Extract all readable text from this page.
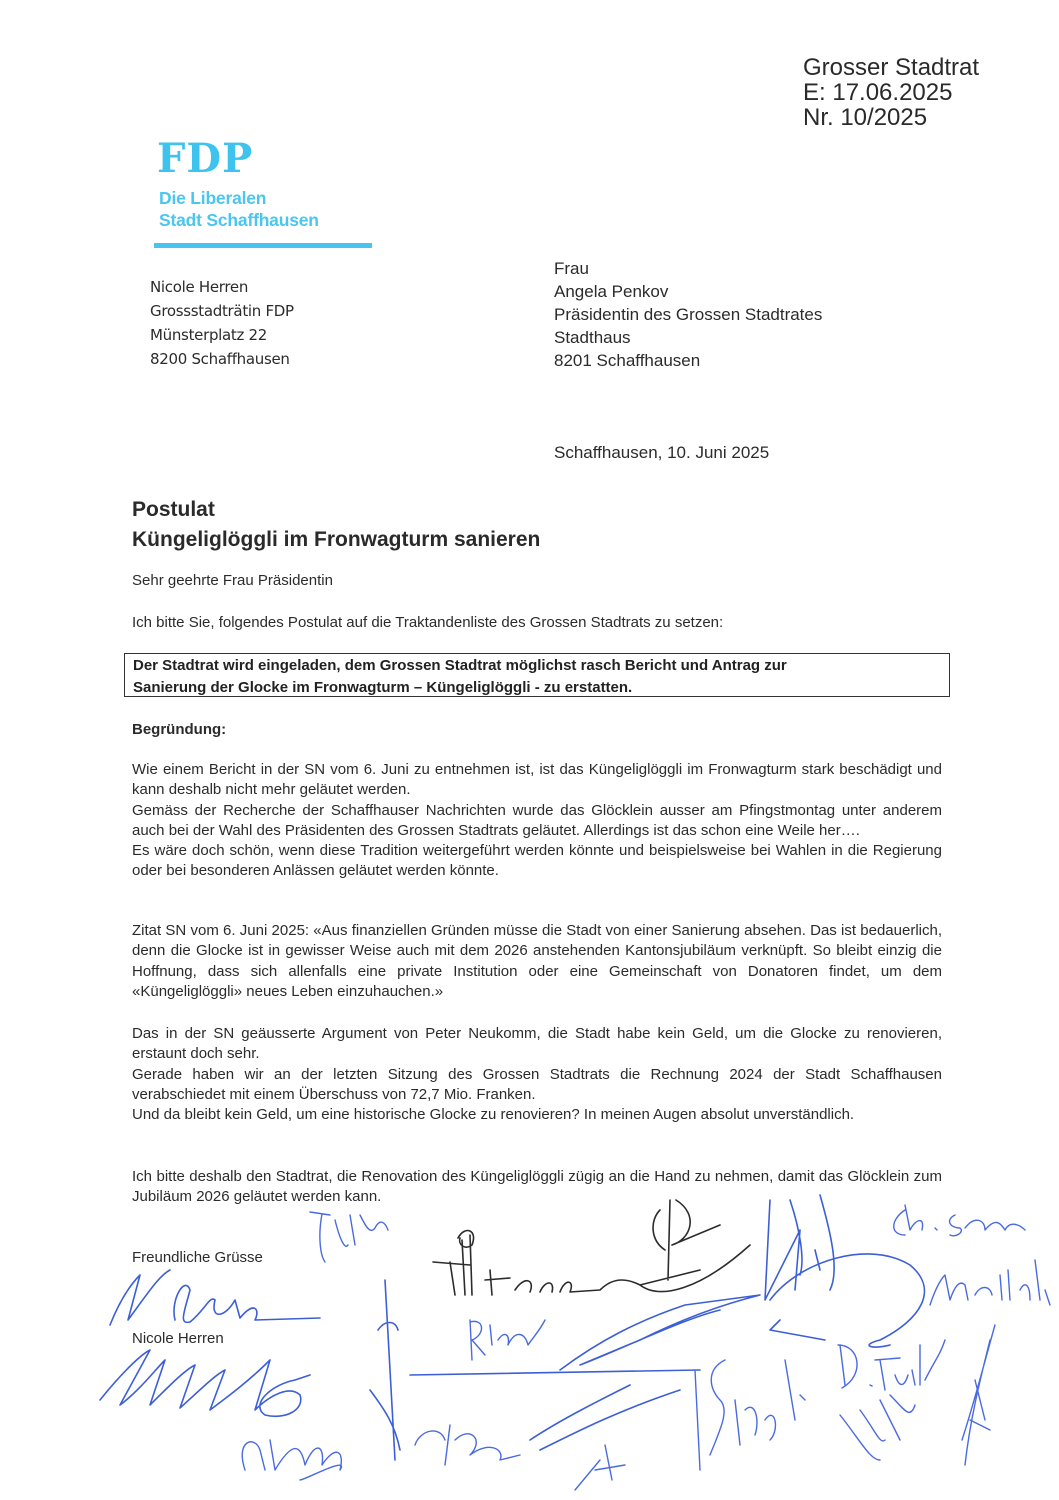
Grosser Stadtrat
E: 17.06.2025
Nr. 10/2025
FDP
Die Liberalen
Stadt Schaffhausen
Nicole Herren
Grossstadträtin FDP
Münsterplatz 22
8200 Schaffhausen
Frau
Angela Penkov
Präsidentin des Grossen Stadtrates
Stadthaus
8201 Schaffhausen
Schaffhausen, 10. Juni 2025
Postulat
Küngeliglöggli im Fronwagturm sanieren
Sehr geehrte Frau Präsidentin
Ich bitte Sie, folgendes Postulat auf die Traktandenliste des Grossen Stadtrats zu setzen:

Der Stadtrat wird eingeladen, dem Grossen Stadtrat möglichst rasch Bericht und Antrag zur

Sanierung der Glocke im Fronwagturm – Küngeliglöggli - zu erstatten.

Begründung:

Wie einem Bericht in der SN vom 6. Juni zu entnehmen ist, ist das Küngeliglöggli im Fronwagturm stark beschädigt und kann deshalb nicht mehr geläutet werden.

Gemäss der Recherche der Schaffhauser Nachrichten wurde das Glöcklein ausser am Pfingstmontag unter anderem auch bei der Wahl des Präsidenten des Grossen Stadtrats geläutet. Allerdings ist das schon eine Weile her….

Es wäre doch schön, wenn diese Tradition weitergeführt werden könnte und beispielsweise bei Wahlen in die Regierung oder bei besonderen Anlässen geläutet werden könnte.

Zitat SN vom 6. Juni 2025: «Aus finanziellen Gründen müsse die Stadt von einer Sanierung absehen. Das ist bedauerlich, denn die Glocke ist in gewisser Weise auch mit dem 2026 anstehenden Kantonsjubiläum verknüpft. So bleibt einzig die Hoffnung, dass sich allenfalls eine private Institution oder eine Gemeinschaft von Donatoren findet, um dem «Küngeliglöggli» neues Leben einzuhauchen.»

Das in der SN geäusserte Argument von Peter Neukomm, die Stadt habe kein Geld, um die Glocke zu renovieren, erstaunt doch sehr.

Gerade haben wir an der letzten Sitzung des Grossen Stadtrats die Rechnung 2024 der Stadt Schaffhausen verabschiedet mit einem Überschuss von 72,7 Mio. Franken.

Und da bleibt kein Geld, um eine historische Glocke zu renovieren? In meinen Augen absolut unverständlich.

Ich bitte deshalb den Stadtrat, die Renovation des Küngeliglöggli zügig an die Hand zu nehmen, damit das Glöcklein zum Jubiläum 2026 geläutet werden kann.

Freundliche Grüsse
Nicole Herren
